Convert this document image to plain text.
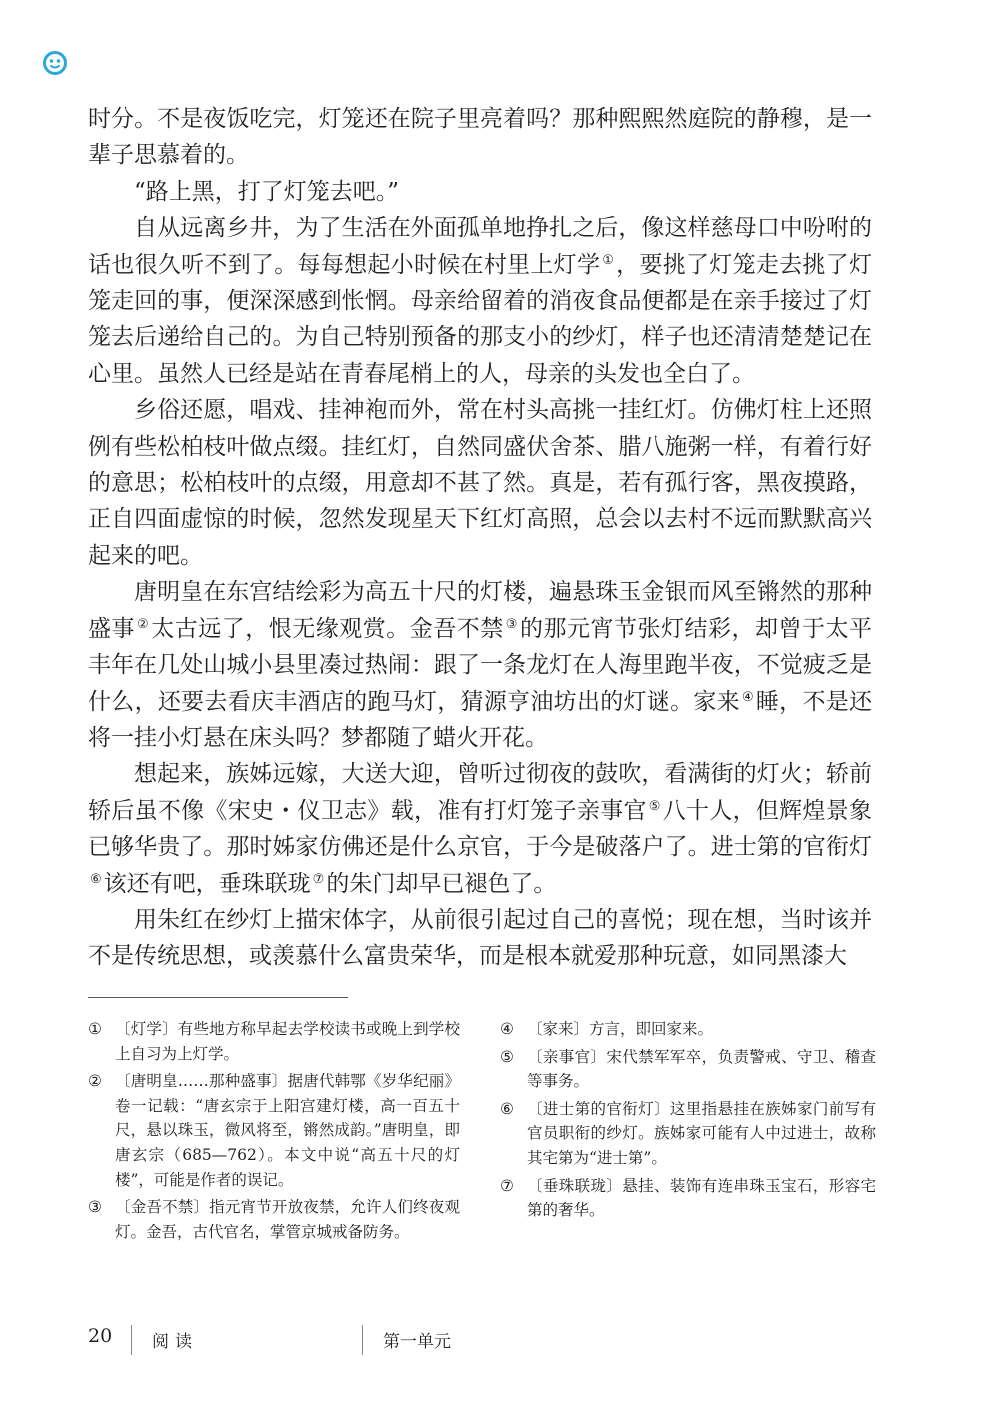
时分。不是夜饭吃完，灯笼还在院子里亮着吗？那种熙熙然庭院的静穆，是一辈子思慕着的。

“路上黑，打了灯笼去吧。”

自从远离乡井，为了生活在外面孤单地挣扎之后，像这样慈母口中吩咐的话也很久听不到了。每每想起小时候在村里上灯学 ①，要挑了灯笼走去挑了灯笼走回的事，便深深感到怅惘。母亲给留着的消夜食品便都是在亲手接过了灯笼去后递给自己的。为自己特别预备的那支小的纱灯，样子也还清清楚楚记在心里。虽然人已经是站在青春尾梢上的人，母亲的头发也全白了。

乡俗还愿，唱戏、挂神袍而外，常在村头高挑一挂红灯。仿佛灯柱上还照例有些松柏枝叶做点缀。挂红灯，自然同盛伏舍茶、腊八施粥一样，有着行好的意思；松柏枝叶的点缀，用意却不甚了然。真是，若有孤行客，黑夜摸路，正自四面虚惊的时候，忽然发现星天下红灯高照，总会以去村不远而默默高兴起来的吧。

唐明皇在东宫结绘彩为高五十尺的灯楼，遍悬珠玉金银而风至锵然的那种盛事 ②太古远了，恨无缘观赏。金吾不禁 ③的那元宵节张灯结彩，却曾于太平丰年在几处山城小县里凑过热闹：跟了一条龙灯在人海里跑半夜，不觉疲乏是什么，还要去看庆丰酒店的跑马灯，猜源亨油坊出的灯谜。家来 ④睡，不是还将一挂小灯悬在床头吗？梦都随了蜡火开花。

想起来，族姊远嫁，大送大迎，曾听过彻夜的鼓吹，看满街的灯火；轿前轿后虽不像《宋史・仪卫志》载，准有打灯笼子亲事官 ⑤八十人，但辉煌景象已够华贵了。那时姊家仿佛还是什么京官，于今是破落户了。进士第的官衔灯⑥该还有吧，垂珠联珑 ⑦的朱门却早已褪色了。

用朱红在纱灯上描宋体字，从前很引起过自己的喜悦；现在想，当时该并不是传统思想，或羡慕什么富贵荣华，而是根本就爱那种玩意，如同黑漆大

① 〔灯学〕有些地方称早起去学校读书或晚上到学校上自习为上灯学。
② 〔唐明皇……那种盛事〕据唐代韩鄂《岁华纪丽》卷一记载：“唐玄宗于上阳宫建灯楼，高一百五十尺，悬以珠玉，微风将至，锵然成韵。”唐明皇，即唐玄宗（685—762）。本文中说“高五十尺的灯楼”，可能是作者的误记。
③ 〔金吾不禁〕指元宵节开放夜禁，允许人们终夜观灯。金吾，古代官名，掌管京城戒备防务。
④ 〔家来〕方言，即回家来。
⑤ 〔亲事官〕宋代禁军军卒，负责警戒、守卫、稽查等事务。
⑥ 〔进士第的官衔灯〕这里指悬挂在族姊家门前写有官员职衔的纱灯。族姊家可能有人中过进士，故称其宅第为“进士第”。
⑦ 〔垂珠联珑〕悬挂、装饰有连串珠玉宝石，形容宅第的奢华。
20 阅读	第一单元
